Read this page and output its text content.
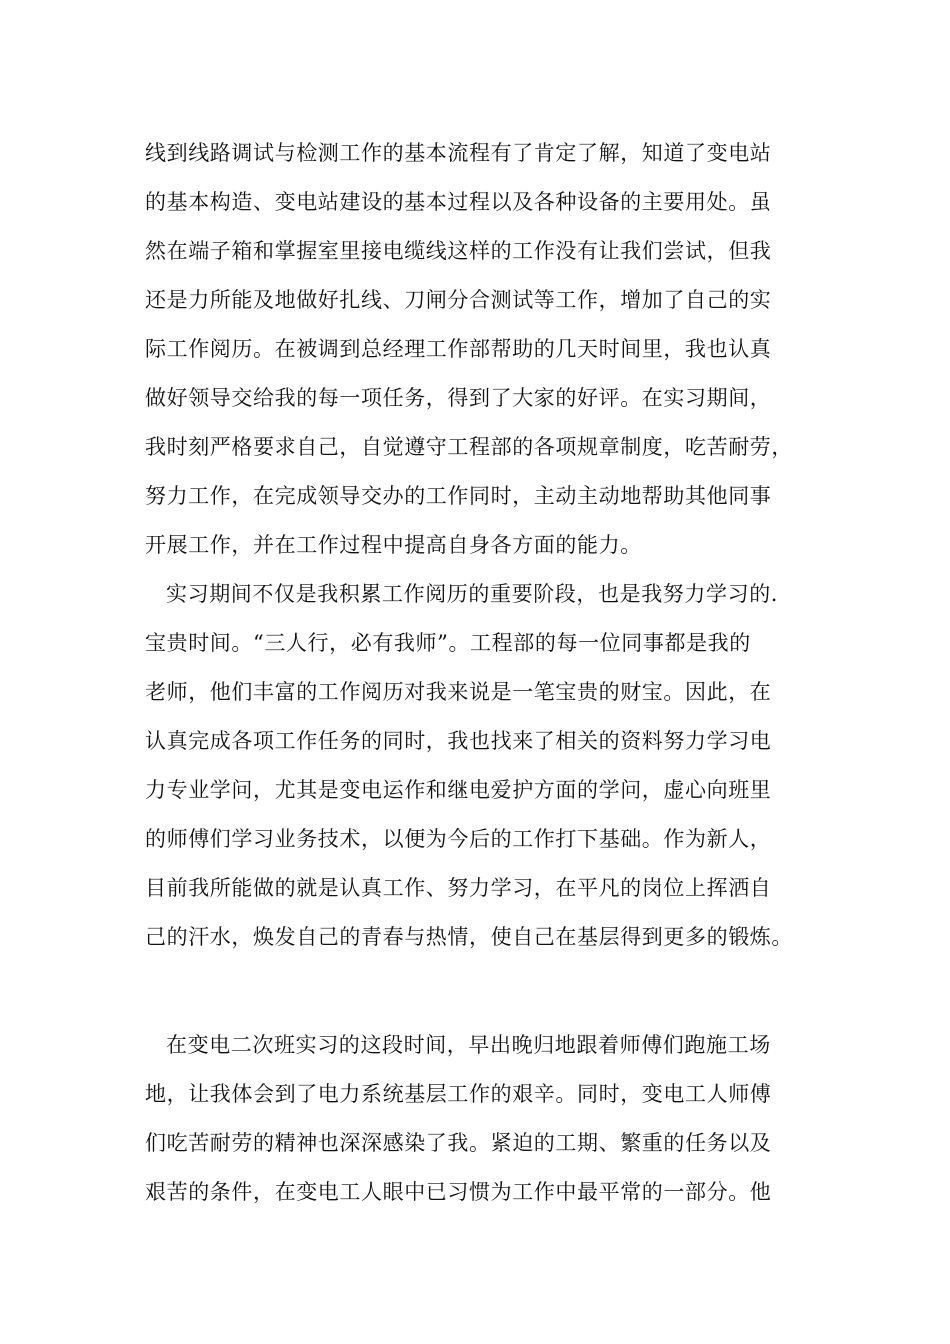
线到线路调试与检测工作的基本流程有了肯定了解，知道了变电站
的基本构造、变电站建设的基本过程以及各种设备的主要用处。虽
然在端子箱和掌握室里接电缆线这样的工作没有让我们尝试，但我
还是力所能及地做好扎线、刀闸分合测试等工作，增加了自己的实
际工作阅历。在被调到总经理工作部帮助的几天时间里，我也认真
做好领导交给我的每一项任务，得到了大家的好评。在实习期间，
我时刻严格要求自己，自觉遵守工程部的各项规章制度，吃苦耐劳，
努力工作，在完成领导交办的工作同时，主动主动地帮助其他同事
开展工作，并在工作过程中提高自身各方面的能力。
实习期间不仅是我积累工作阅历的重要阶段，也是我努力学习的.
宝贵时间。“三人行，必有我师”。工程部的每一位同事都是我的
老师，他们丰富的工作阅历对我来说是一笔宝贵的财宝。因此，在
认真完成各项工作任务的同时，我也找来了相关的资料努力学习电
力专业学问，尤其是变电运作和继电爱护方面的学问，虚心向班里
的师傅们学习业务技术，以便为今后的工作打下基础。作为新人，
目前我所能做的就是认真工作、努力学习，在平凡的岗位上挥洒自
己的汗水，焕发自己的青春与热情，使自己在基层得到更多的锻炼。
在变电二次班实习的这段时间，早出晚归地跟着师傅们跑施工场
地，让我体会到了电力系统基层工作的艰辛。同时，变电工人师傅
们吃苦耐劳的精神也深深感染了我。紧迫的工期、繁重的任务以及
艰苦的条件，在变电工人眼中已习惯为工作中最平常的一部分。他
